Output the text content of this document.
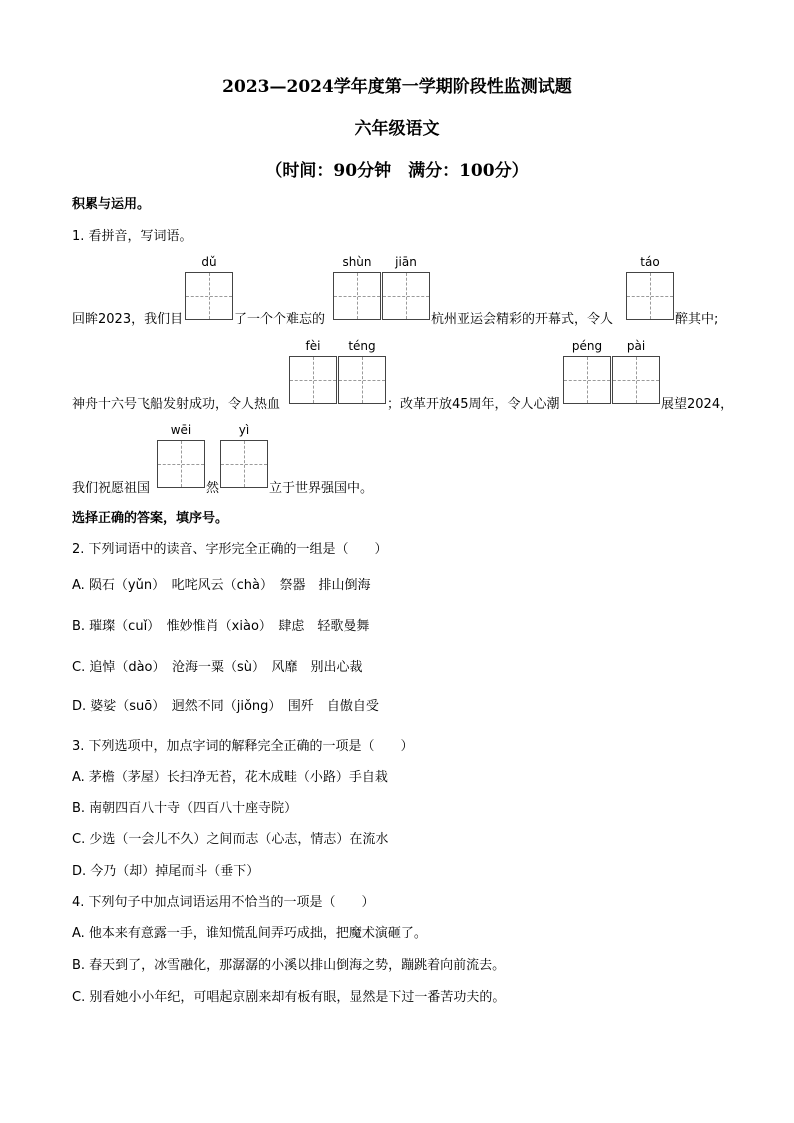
2023—2024学年度第一学期阶段性监测试题
六年级语文
（时间：90分钟　满分：100分）
积累与运用。
1. 看拼音，写词语。
dǔ	shùn	jiān	táo
回眸2023，我们目	了一个个难忘的	杭州亚运会精彩的开幕式，令人	醉其中;
fèi	téng	péng	pài
神舟十六号飞船发射成功，令人热血	；改革开放45周年，令人心潮	展望2024，
wēi	yì
我们祝愿祖国	然	立于世界强国中。
选择正确的答案，填序号。
2. 下列词语中的读音、字形完全正确的一组是（　　）
A. 陨石（yǔn）　叱咤风云（chà）　祭器　排山倒海
B. 璀璨（cuǐ）　惟妙惟肖（xiào）　肆虑　轻歌曼舞
C. 追悼（dào）　沧海一粟（sù）　风靡　别出心裁
D. 婆娑（suō）　迥然不同（jiǒng）　围歼　自傲自受
3. 下列选项中，加点字词的解释完全正确的一项是（　　）
A. 茅檐（茅屋）长扫净无苔，花木成畦（小路）手自栽
B. 南朝四百八十寺（四百八十座寺院）
C. 少选（一会儿不久）之间而志（心志，情志）在流水
D. 今乃（却）掉尾而斗（垂下）
4. 下列句子中加点词语运用不恰当的一项是（　　）
A. 他本来有意露一手，谁知慌乱间弄巧成拙，把魔术演砸了。
B. 春天到了，冰雪融化，那潺潺的小溪以排山倒海之势，蹦跳着向前流去。
C. 别看她小小年纪，可唱起京剧来却有板有眼，显然是下过一番苦功夫的。
